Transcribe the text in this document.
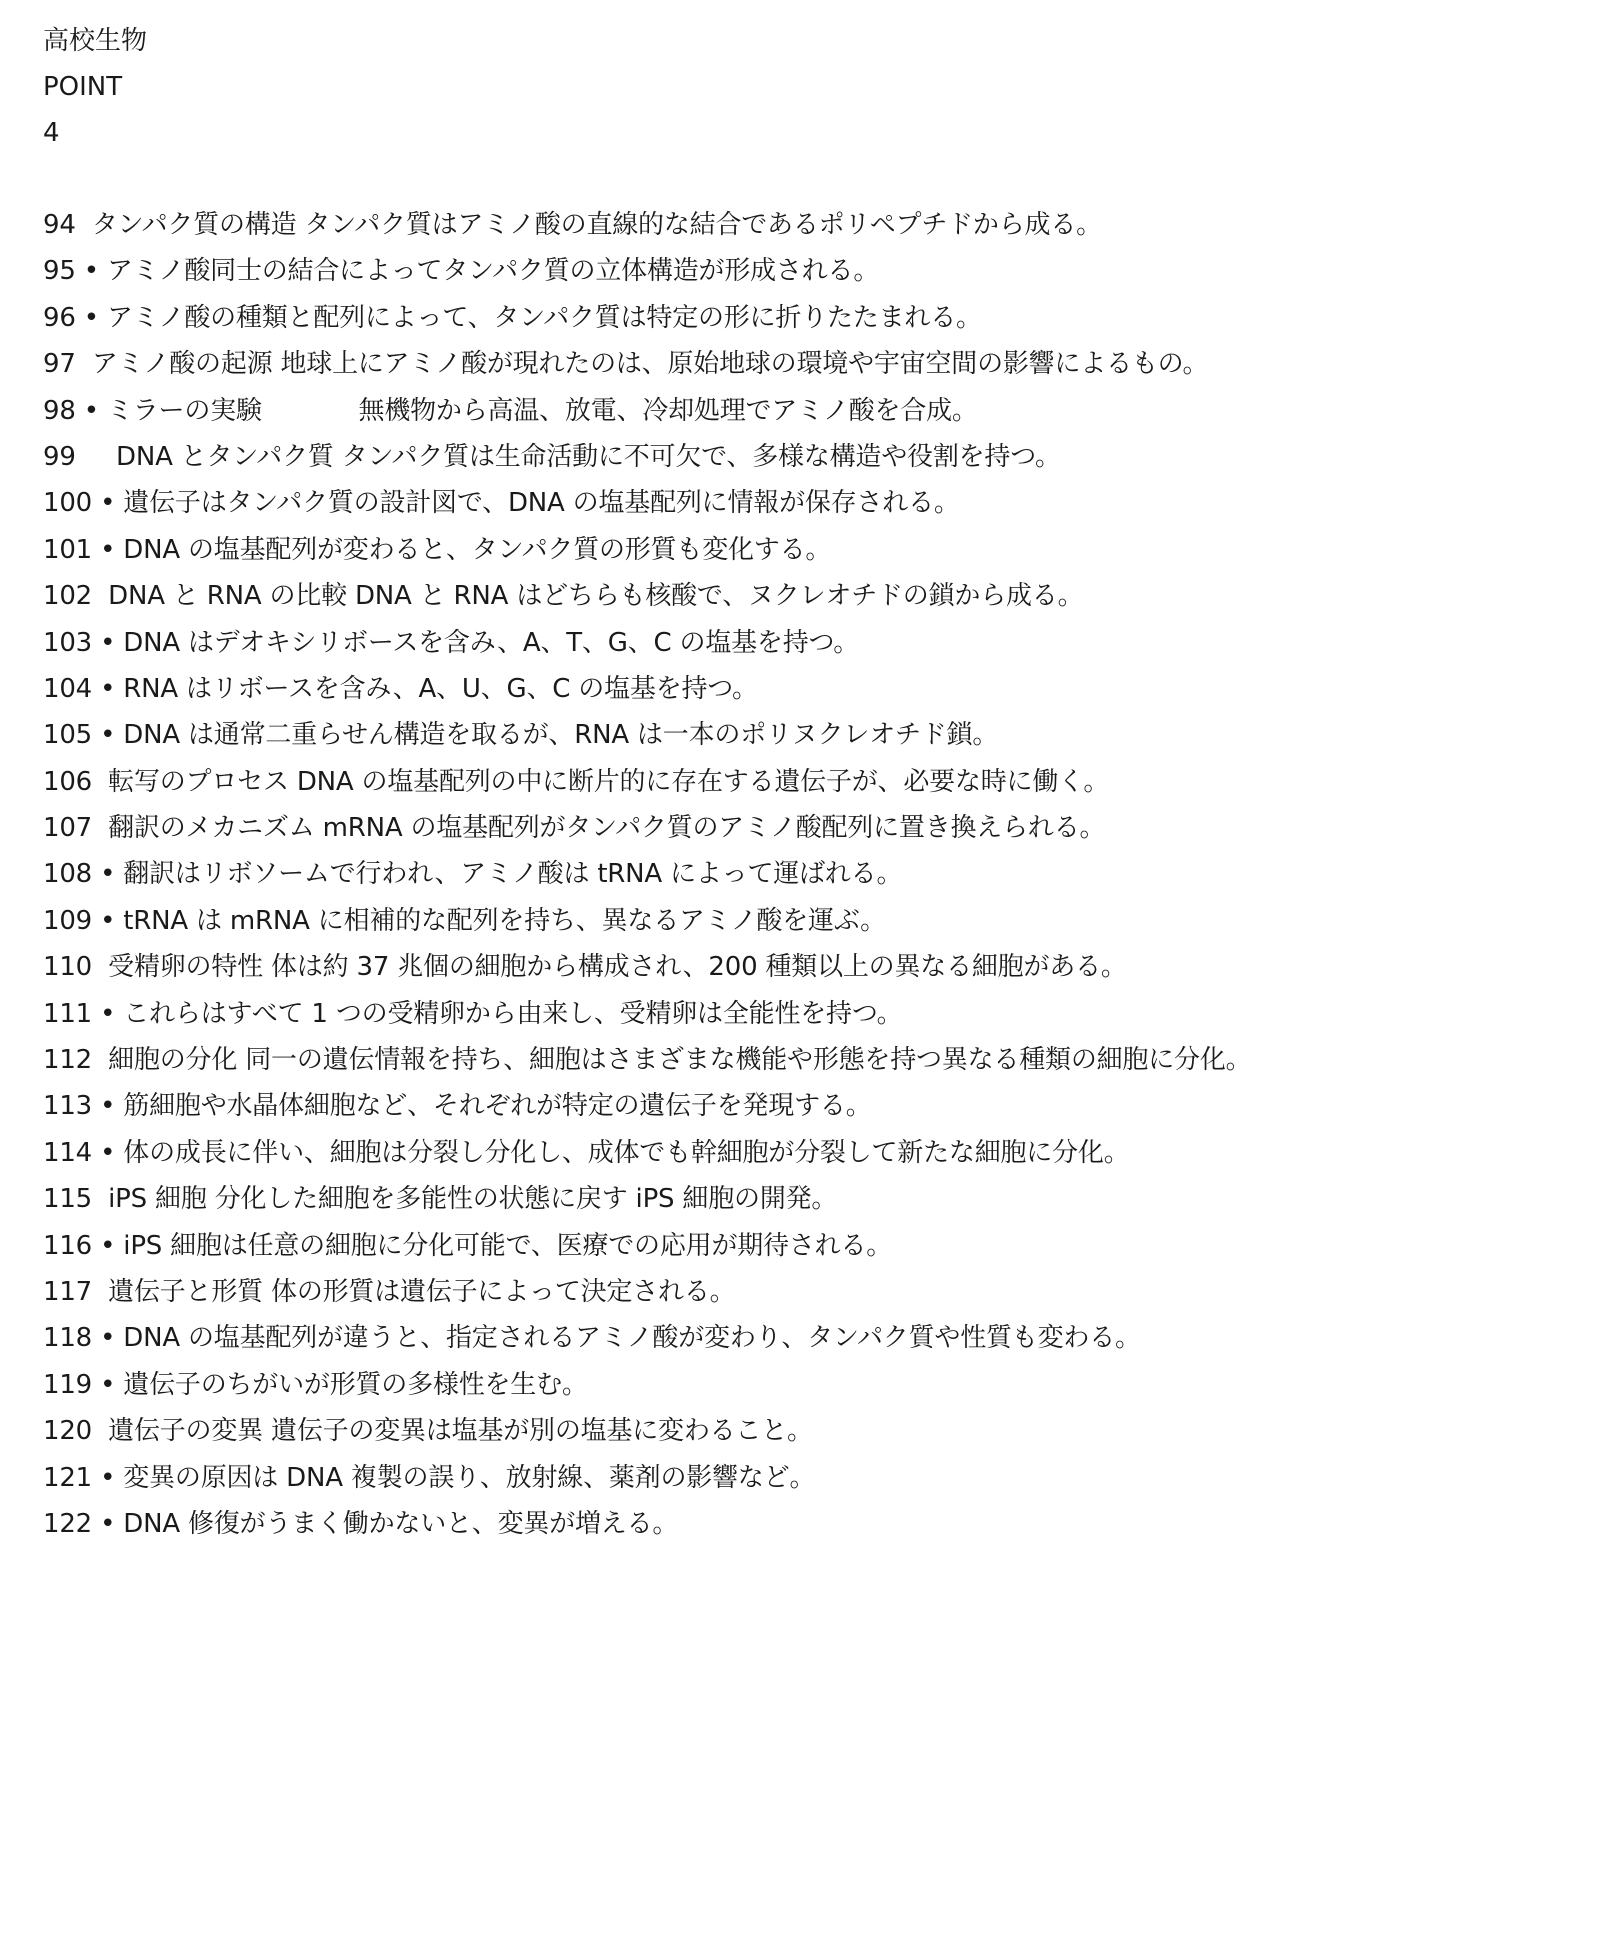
高校生物
POINT
4
94  タンパク質の構造 タンパク質はアミノ酸の直線的な結合であるポリペプチドから成る。
95 • アミノ酸同士の結合によってタンパク質の立体構造が形成される。
96 • アミノ酸の種類と配列によって、タンパク質は特定の形に折りたたまれる。
97  アミノ酸の起源 地球上にアミノ酸が現れたのは、原始地球の環境や宇宙空間の影響によるもの。
98 • ミラーの実験            無機物から高温、放電、冷却処理でアミノ酸を合成。
99     DNA とタンパク質 タンパク質は生命活動に不可欠で、多様な構造や役割を持つ。
100 • 遺伝子はタンパク質の設計図で、DNA の塩基配列に情報が保存される。
101 • DNA の塩基配列が変わると、タンパク質の形質も変化する。
102  DNA と RNA の比較 DNA と RNA はどちらも核酸で、ヌクレオチドの鎖から成る。
103 • DNA はデオキシリボースを含み、A、T、G、C の塩基を持つ。
104 • RNA はリボースを含み、A、U、G、C の塩基を持つ。
105 • DNA は通常二重らせん構造を取るが、RNA は一本のポリヌクレオチド鎖。
106  転写のプロセス DNA の塩基配列の中に断片的に存在する遺伝子が、必要な時に働く。
107  翻訳のメカニズム mRNA の塩基配列がタンパク質のアミノ酸配列に置き換えられる。
108 • 翻訳はリボソームで行われ、アミノ酸は tRNA によって運ばれる。
109 • tRNA は mRNA に相補的な配列を持ち、異なるアミノ酸を運ぶ。
110  受精卵の特性 体は約 37 兆個の細胞から構成され、200 種類以上の異なる細胞がある。
111 • これらはすべて 1 つの受精卵から由来し、受精卵は全能性を持つ。
112  細胞の分化 同一の遺伝情報を持ち、細胞はさまざまな機能や形態を持つ異なる種類の細胞に分化。
113 • 筋細胞や水晶体細胞など、それぞれが特定の遺伝子を発現する。
114 • 体の成長に伴い、細胞は分裂し分化し、成体でも幹細胞が分裂して新たな細胞に分化。
115  iPS 細胞 分化した細胞を多能性の状態に戻す iPS 細胞の開発。
116 • iPS 細胞は任意の細胞に分化可能で、医療での応用が期待される。
117  遺伝子と形質 体の形質は遺伝子によって決定される。
118 • DNA の塩基配列が違うと、指定されるアミノ酸が変わり、タンパク質や性質も変わる。
119 • 遺伝子のちがいが形質の多様性を生む。
120  遺伝子の変異 遺伝子の変異は塩基が別の塩基に変わること。
121 • 変異の原因は DNA 複製の誤り、放射線、薬剤の影響など。
122 • DNA 修復がうまく働かないと、変異が増える。
